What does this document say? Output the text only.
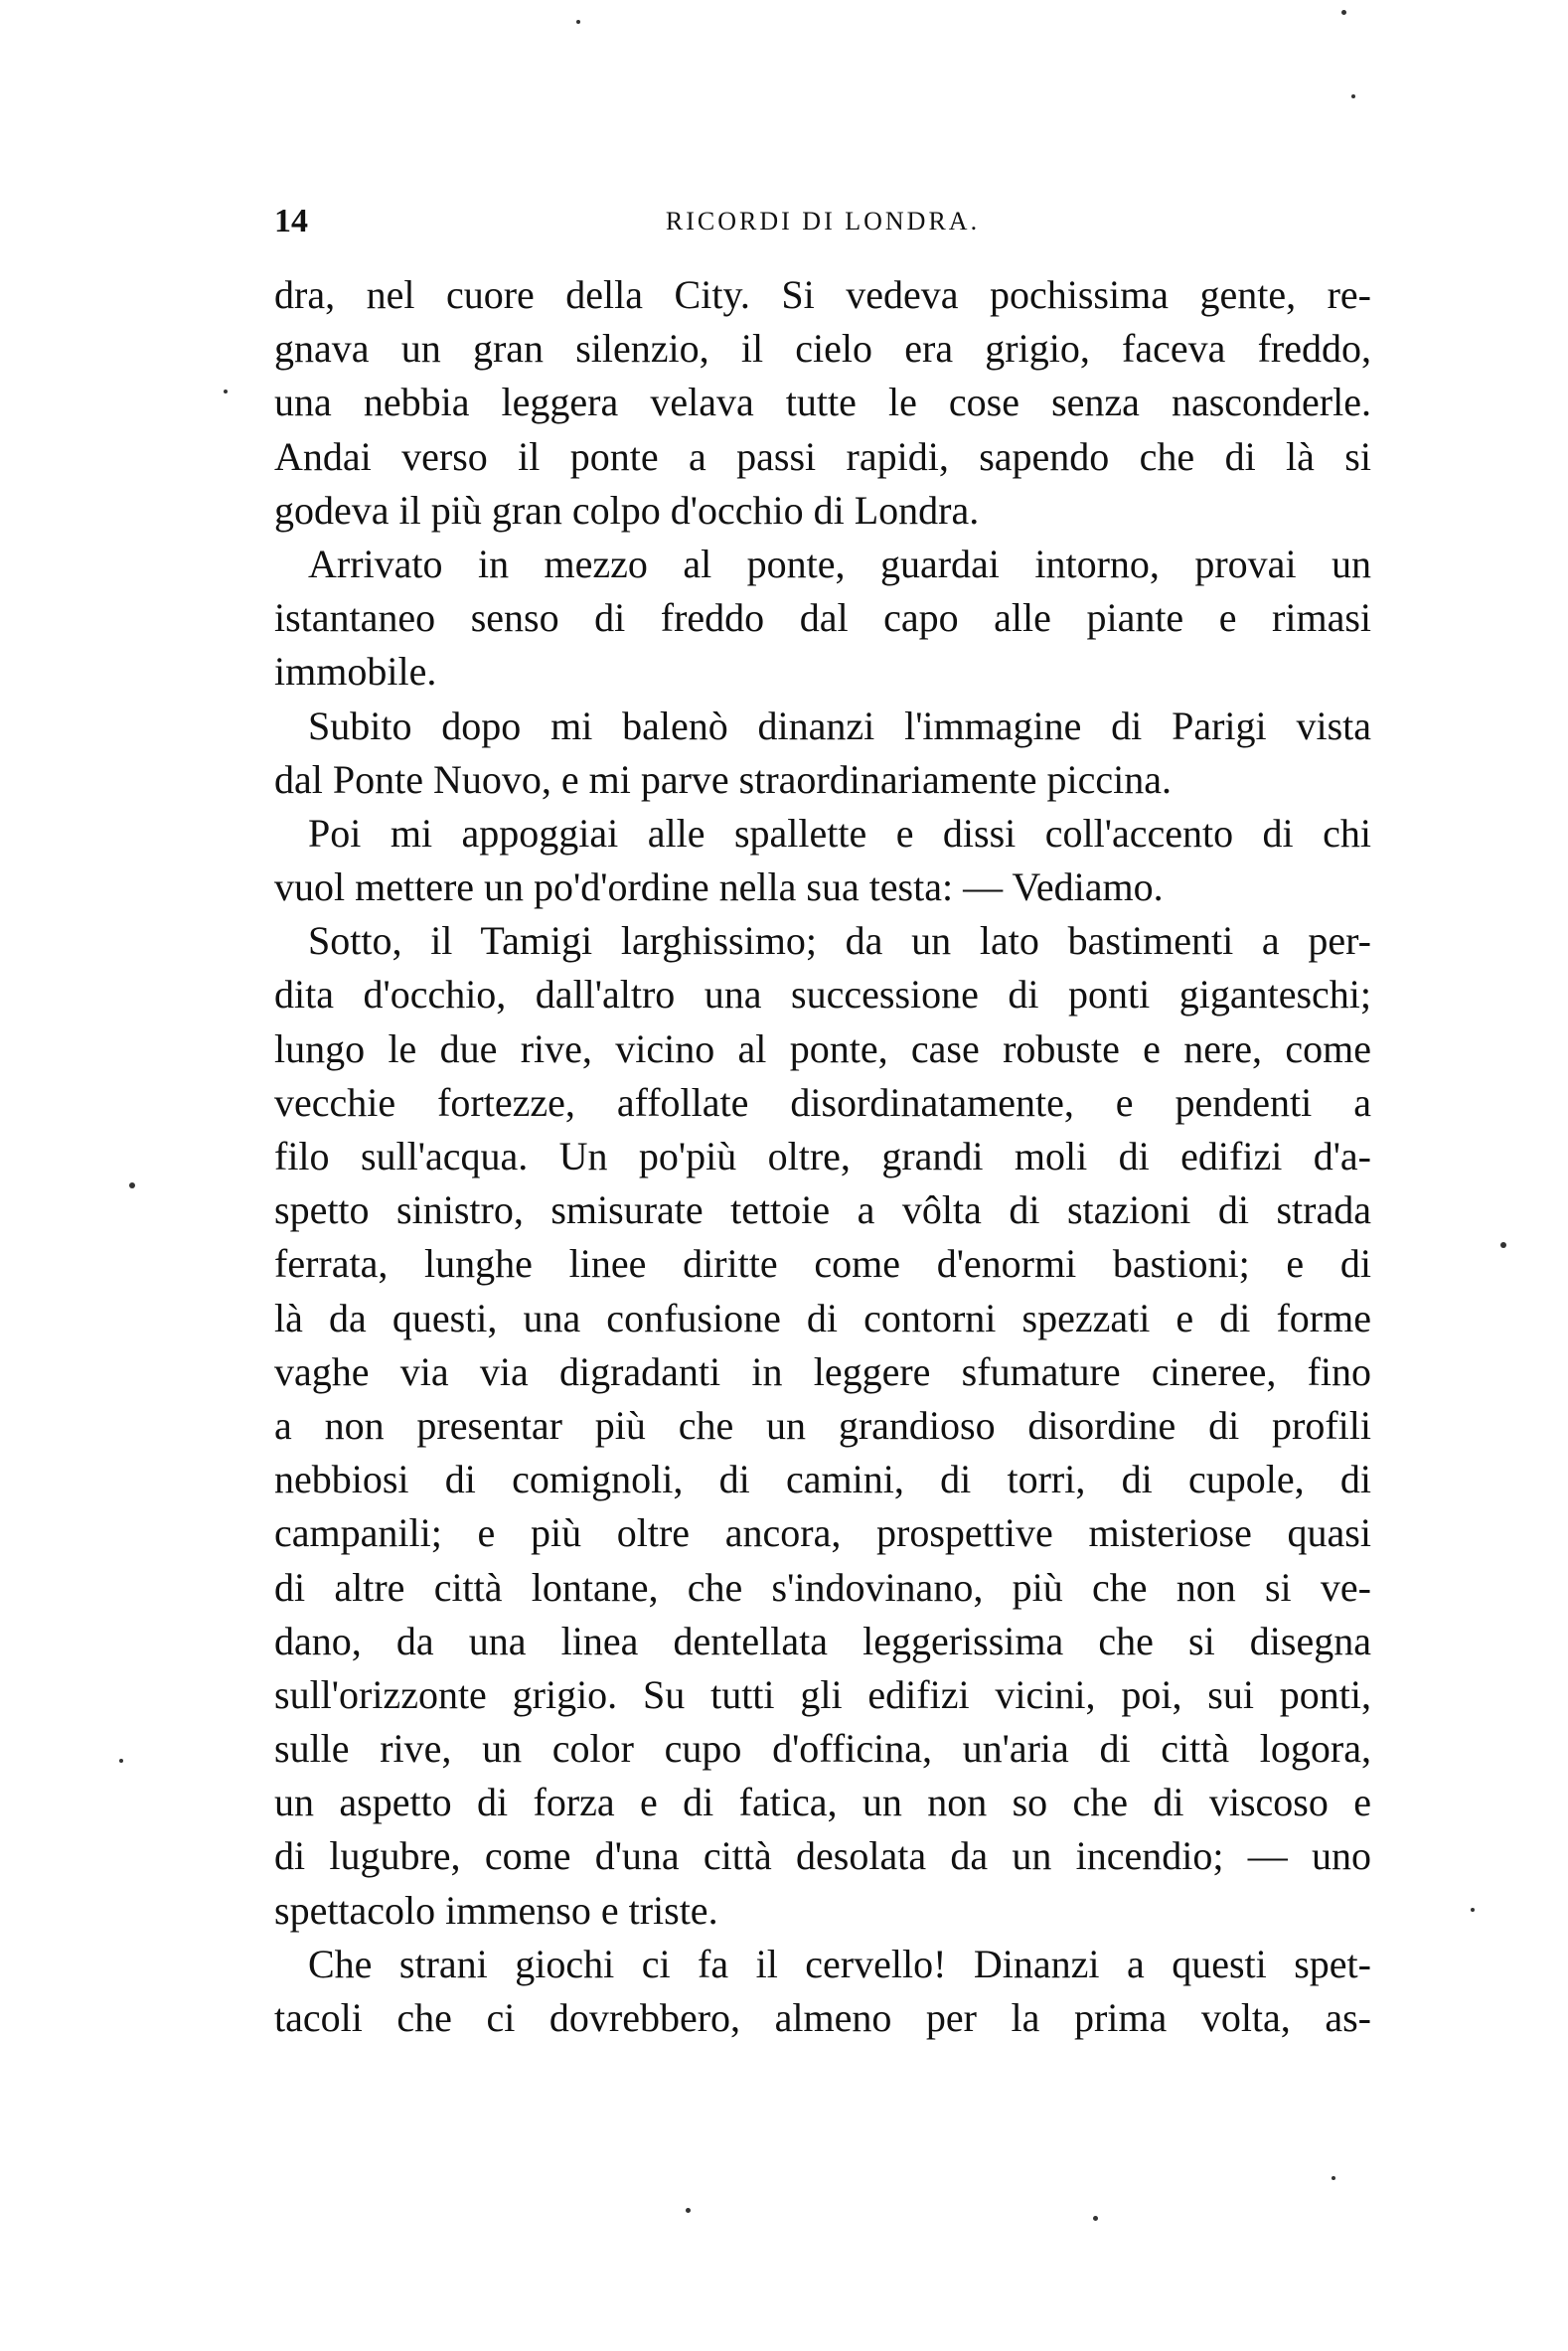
14	RICORDI DI LONDRA.
dra, nel cuore della City. Si vedeva pochissima gente, re-
gnava un gran silenzio, il cielo era grigio, faceva freddo,
una nebbia leggera velava tutte le cose senza nasconderle.
Andai verso il ponte a passi rapidi, sapendo che di là si
godeva il più gran colpo d'occhio di Londra.
Arrivato in mezzo al ponte, guardai intorno, provai un
istantaneo senso di freddo dal capo alle piante e rimasi
immobile.
Subito dopo mi balenò dinanzi l'immagine di Parigi vista
dal Ponte Nuovo, e mi parve straordinariamente piccina.
Poi mi appoggiai alle spallette e dissi coll'accento di chi
vuol mettere un po'd'ordine nella sua testa: — Vediamo.
Sotto, il Tamigi larghissimo; da un lato bastimenti a per-
dita d'occhio, dall'altro una successione di ponti giganteschi;
lungo le due rive, vicino al ponte, case robuste e nere, come
vecchie fortezze, affollate disordinatamente, e pendenti a
filo sull'acqua. Un po'più oltre, grandi moli di edifizi d'a-
spetto sinistro, smisurate tettoie a vôlta di stazioni di strada
ferrata, lunghe linee diritte come d'enormi bastioni; e di
là da questi, una confusione di contorni spezzati e di forme
vaghe via via digradanti in leggere sfumature cineree, fino
a non presentar più che un grandioso disordine di profili
nebbiosi di comignoli, di camini, di torri, di cupole, di
campanili; e più oltre ancora, prospettive misteriose quasi
di altre città lontane, che s'indovinano, più che non si ve-
dano, da una linea dentellata leggerissima che si disegna
sull'orizzonte grigio. Su tutti gli edifizi vicini, poi, sui ponti,
sulle rive, un color cupo d'officina, un'aria di città logora,
un aspetto di forza e di fatica, un non so che di viscoso e
di lugubre, come d'una città desolata da un incendio; — uno
spettacolo immenso e triste.
Che strani giochi ci fa il cervello! Dinanzi a questi spet-
tacoli che ci dovrebbero, almeno per la prima volta, as-
